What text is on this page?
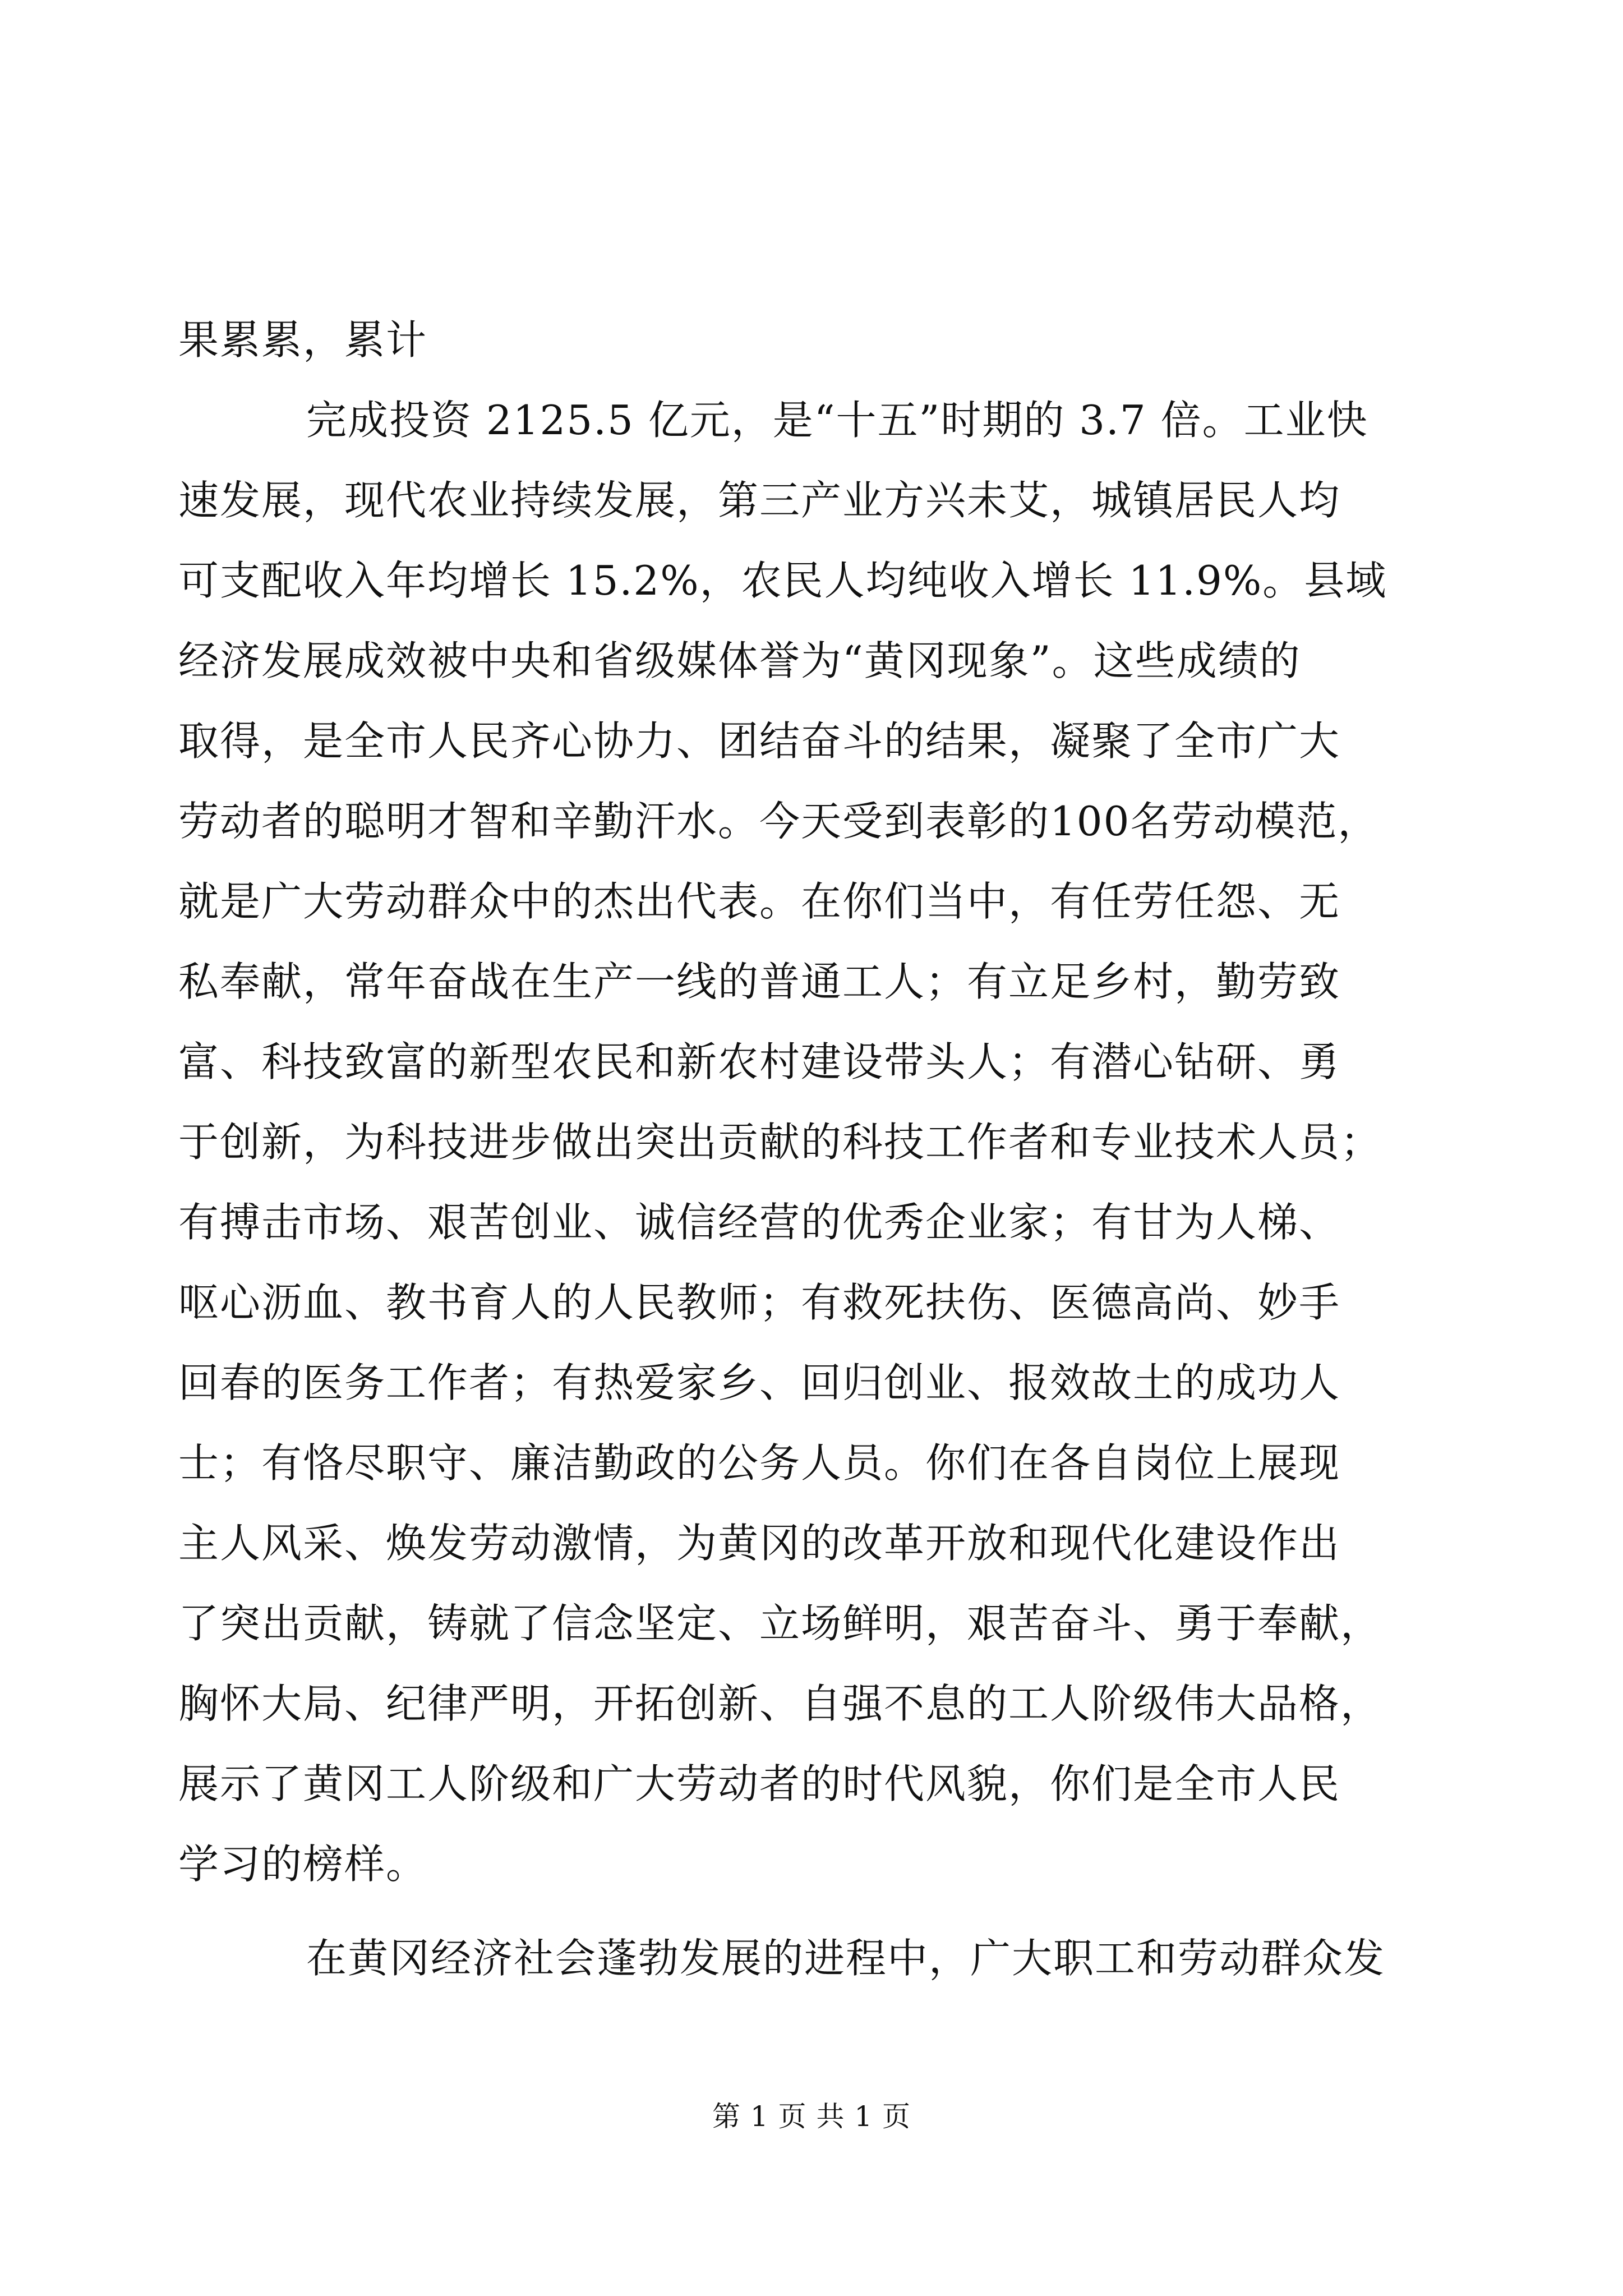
果累累，累计
完成投资 2125.5 亿元，是“十五”时期的 3.7 倍。工业快
速发展，现代农业持续发展，第三产业方兴未艾，城镇居民人均
可支配收入年均增长 15.2%，农民人均纯收入增长 11.9%。县域
经济发展成效被中央和省级媒体誉为“黄冈现象”。这些成绩的
取得，是全市人民齐心协力、团结奋斗的结果，凝聚了全市广大
劳动者的聪明才智和辛勤汗水。今天受到表彰的100名劳动模范，
就是广大劳动群众中的杰出代表。在你们当中，有任劳任怨、无
私奉献，常年奋战在生产一线的普通工人；有立足乡村，勤劳致
富、科技致富的新型农民和新农村建设带头人；有潜心钻研、勇
于创新，为科技进步做出突出贡献的科技工作者和专业技术人员；
有搏击市场、艰苦创业、诚信经营的优秀企业家；有甘为人梯、
呕心沥血、教书育人的人民教师；有救死扶伤、医德高尚、妙手
回春的医务工作者；有热爱家乡、回归创业、报效故土的成功人
士；有恪尽职守、廉洁勤政的公务人员。你们在各自岗位上展现
主人风采、焕发劳动激情，为黄冈的改革开放和现代化建设作出
了突出贡献，铸就了信念坚定、立场鲜明，艰苦奋斗、勇于奉献，
胸怀大局、纪律严明，开拓创新、自强不息的工人阶级伟大品格，
展示了黄冈工人阶级和广大劳动者的时代风貌，你们是全市人民
学习的榜样。
在黄冈经济社会蓬勃发展的进程中，广大职工和劳动群众发
第 1 页 共 1 页
